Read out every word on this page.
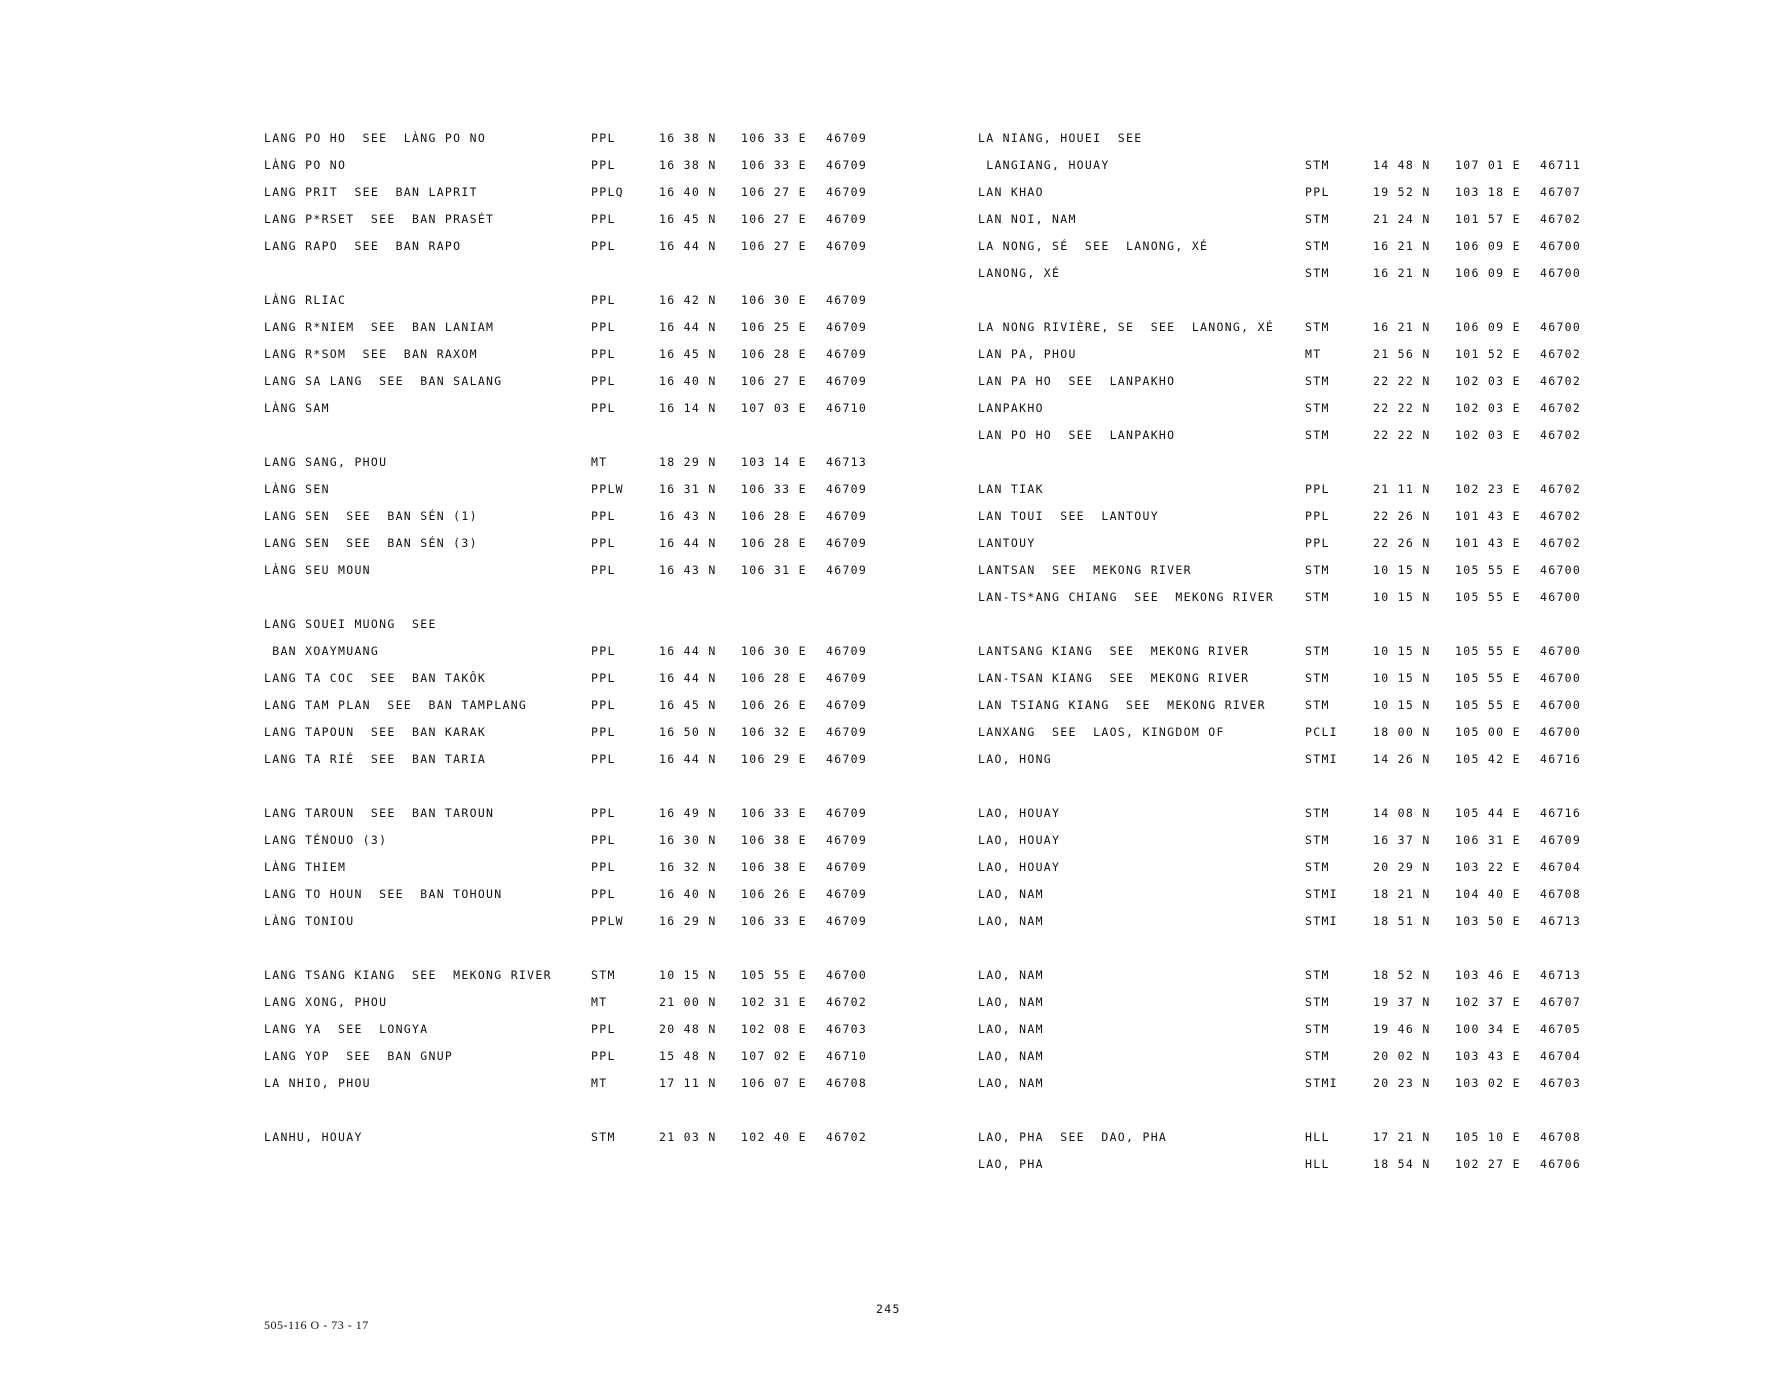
LANG PO HO  SEE  LÀNG PO NO	PPL	16 38 N 106 33 E 46709
LÀNG PO NO	PPL	16 38 N 106 33 E 46709
LANG PRIT  SEE  BAN LAPRIT	PPLQ	16 40 N 106 27 E 46709
LANG P*RSET  SEE  BAN PRASÉT	PPL	16 45 N 106 27 E 46709
LANG RAPO  SEE  BAN RAPO	PPL	16 44 N 106 27 E 46709
LÀNG RLIAC	PPL	16 42 N 106 30 E 46709
LANG R*NIEM  SEE  BAN LANIAM	PPL	16 44 N 106 25 E 46709
LANG R*SOM  SEE  BAN RAXOM	PPL	16 45 N 106 28 E 46709
LANG SA LANG  SEE  BAN SALANG	PPL	16 40 N 106 27 E 46709
LÀNG SAM	PPL	16 14 N 107 03 E 46710
LANG SANG, PHOU	MT	18 29 N 103 14 E 46713
LÀNG SEN	PPLW	16 31 N 106 33 E 46709
LANG SEN  SEE  BAN SÉN (1)	PPL	16 43 N 106 28 E 46709
LANG SEN  SEE  BAN SÉN (3)	PPL	16 44 N 106 28 E 46709
LÀNG SEU MOUN	PPL	16 43 N 106 31 E 46709
LANG SOUEI MUONG  SEE
BAN XOAYMUANG	PPL	16 44 N 106 30 E 46709
LANG TA COC  SEE  BAN TAKÔK	PPL	16 44 N 106 28 E 46709
LANG TAM PLAN  SEE  BAN TAMPLANG	PPL	16 45 N 106 26 E 46709
LANG TAPOUN  SEE  BAN KARAK	PPL	16 50 N 106 32 E 46709
LANG TA RIÉ  SEE  BAN TARIA	PPL	16 44 N 106 29 E 46709
LANG TAROUN  SEE  BAN TAROUN	PPL	16 49 N 106 33 E 46709
LANG TÉNOUO (3)	PPL	16 30 N 106 38 E 46709
LÀNG THIEM	PPL	16 32 N 106 38 E 46709
LANG TO HOUN  SEE  BAN TOHOUN	PPL	16 40 N 106 26 E 46709
LÀNG TONIOU	PPLW	16 29 N 106 33 E 46709
LANG TSANG KIANG  SEE  MEKONG RIVER	STM	10 15 N 105 55 E 46700
LANG XONG, PHOU	MT	21 00 N 102 31 E 46702
LANG YA  SEE  LONGYA	PPL	20 48 N 102 08 E 46703
LANG YOP  SEE  BAN GNUP	PPL	15 48 N 107 02 E 46710
LA NHIO, PHOU	MT	17 11 N 106 07 E 46708
LANHU, HOUAY	STM	21 03 N 102 40 E 46702
LA NIANG, HOUEI  SEE
LANGIANG, HOUAY	STM	14 48 N 107 01 E 46711
LAN KHAO	PPL	19 52 N 103 18 E 46707
LAN NOI, NAM	STM	21 24 N 101 57 E 46702
LA NONG, SÉ  SEE  LANONG, XÉ	STM	16 21 N 106 09 E 46700
LANONG, XÉ	STM	16 21 N 106 09 E 46700
LA NONG RIVIÈRE, SE  SEE  LANONG, XÉ	STM	16 21 N 106 09 E 46700
LAN PA, PHOU	MT	21 56 N 101 52 E 46702
LAN PA HO  SEE  LANPAKHO	STM	22 22 N 102 03 E 46702
LANPAKHO	STM	22 22 N 102 03 E 46702
LAN PO HO  SEE  LANPAKHO	STM	22 22 N 102 03 E 46702
LAN TIAK	PPL	21 11 N 102 23 E 46702
LAN TOUI  SEE  LANTOUY	PPL	22 26 N 101 43 E 46702
LANTOUY	PPL	22 26 N 101 43 E 46702
LANTSAN  SEE  MEKONG RIVER	STM	10 15 N 105 55 E 46700
LAN-TS*ANG CHIANG  SEE  MEKONG RIVER	STM	10 15 N 105 55 E 46700
LANTSANG KIANG  SEE  MEKONG RIVER	STM	10 15 N 105 55 E 46700
LAN-TSAN KIANG  SEE  MEKONG RIVER	STM	10 15 N 105 55 E 46700
LAN TSIANG KIANG  SEE  MEKONG RIVER	STM	10 15 N 105 55 E 46700
LANXANG  SEE  LAOS, KINGDOM OF	PCLI	18 00 N 105 00 E 46700
LAO, HONG	STMI	14 26 N 105 42 E 46716
LAO, HOUAY	STM	14 08 N 105 44 E 46716
LAO, HOUAY	STM	16 37 N 106 31 E 46709
LAO, HOUAY	STM	20 29 N 103 22 E 46704
LAO, NAM	STMI	18 21 N 104 40 E 46708
LAO, NAM	STMI	18 51 N 103 50 E 46713
LAO, NAM	STM	18 52 N 103 46 E 46713
LAO, NAM	STM	19 37 N 102 37 E 46707
LAO, NAM	STM	19 46 N 100 34 E 46705
LAO, NAM	STM	20 02 N 103 43 E 46704
LAO, NAM	STMI	20 23 N 103 02 E 46703
LAO, PHA  SEE  DAO, PHA	HLL	17 21 N 105 10 E 46708
LAO, PHA	HLL	18 54 N 102 27 E 46706
245
505-116 O - 73 - 17
